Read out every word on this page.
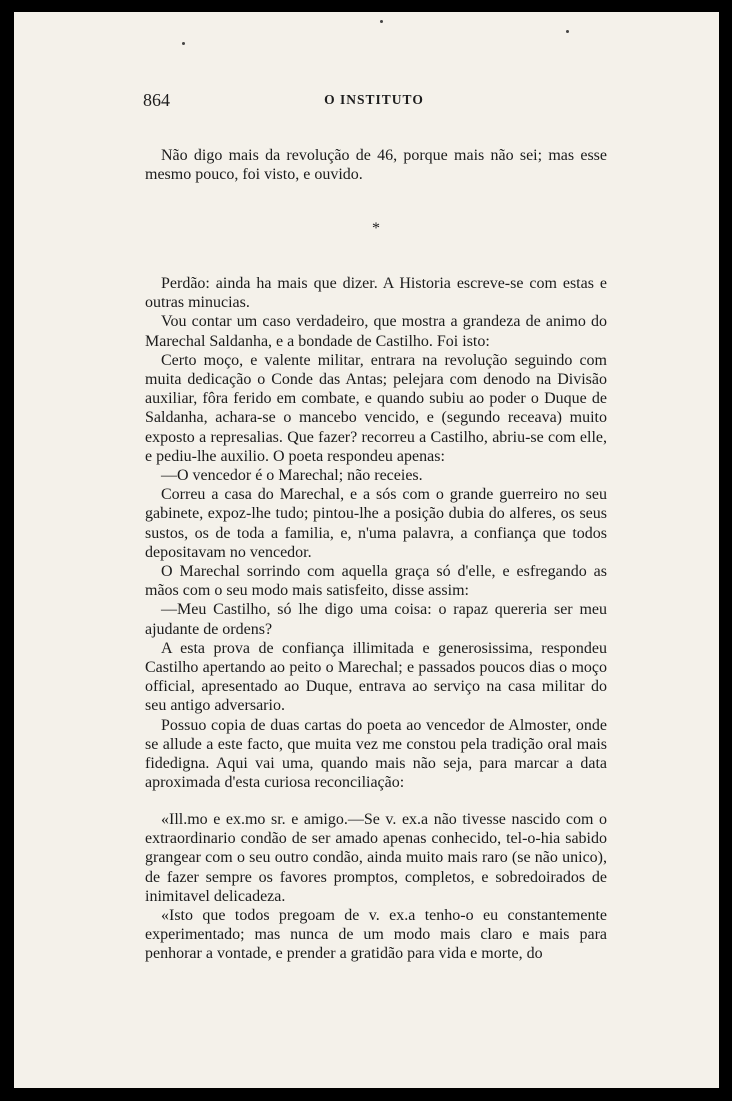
864	O INSTITUTO

Não digo mais da revolução de 46, porque mais não sei; mas esse mesmo pouco, foi visto, e ouvido.

*

Perdão: ainda ha mais que dizer. A Historia escreve-se com estas e outras minucias.

Vou contar um caso verdadeiro, que mostra a grandeza de animo do Marechal Saldanha, e a bondade de Castilho. Foi isto:

Certo moço, e valente militar, entrara na revolução seguindo com muita dedicação o Conde das Antas; pelejara com denodo na Divisão auxiliar, fôra ferido em combate, e quando subiu ao poder o Duque de Saldanha, achara-se o mancebo vencido, e (segundo receava) muito exposto a represalias. Que fazer? recorreu a Castilho, abriu-se com elle, e pediu-lhe auxilio. O poeta respondeu apenas:

—O vencedor é o Marechal; não receies.

Correu a casa do Marechal, e a sós com o grande guerreiro no seu gabinete, expoz-lhe tudo; pintou-lhe a posição dubia do alferes, os seus sustos, os de toda a familia, e, n'uma palavra, a confiança que todos depositavam no vencedor.

O Marechal sorrindo com aquella graça só d'elle, e esfregando as mãos com o seu modo mais satisfeito, disse assim:

—Meu Castilho, só lhe digo uma coisa: o rapaz quereria ser meu ajudante de ordens?

A esta prova de confiança illimitada e generosissima, respondeu Castilho apertando ao peito o Marechal; e passados poucos dias o moço official, apresentado ao Duque, entrava ao serviço na casa militar do seu antigo adversario.

Possuo copia de duas cartas do poeta ao vencedor de Almoster, onde se allude a este facto, que muita vez me constou pela tradição oral mais fidedigna. Aqui vai uma, quando mais não seja, para marcar a data aproximada d'esta curiosa reconciliação:

«Ill.mo e ex.mo sr. e amigo.—Se v. ex.a não tivesse nascido com o extraordinario condão de ser amado apenas conhecido, tel-o-hia sabido grangear com o seu outro condão, ainda muito mais raro (se não unico), de fazer sempre os favores promptos, completos, e sobredoirados de inimitavel delicadeza.

«Isto que todos pregoam de v. ex.a tenho-o eu constantemente experimentado; mas nunca de um modo mais claro e mais para penhorar a vontade, e prender a gratidão para vida e morte, do
